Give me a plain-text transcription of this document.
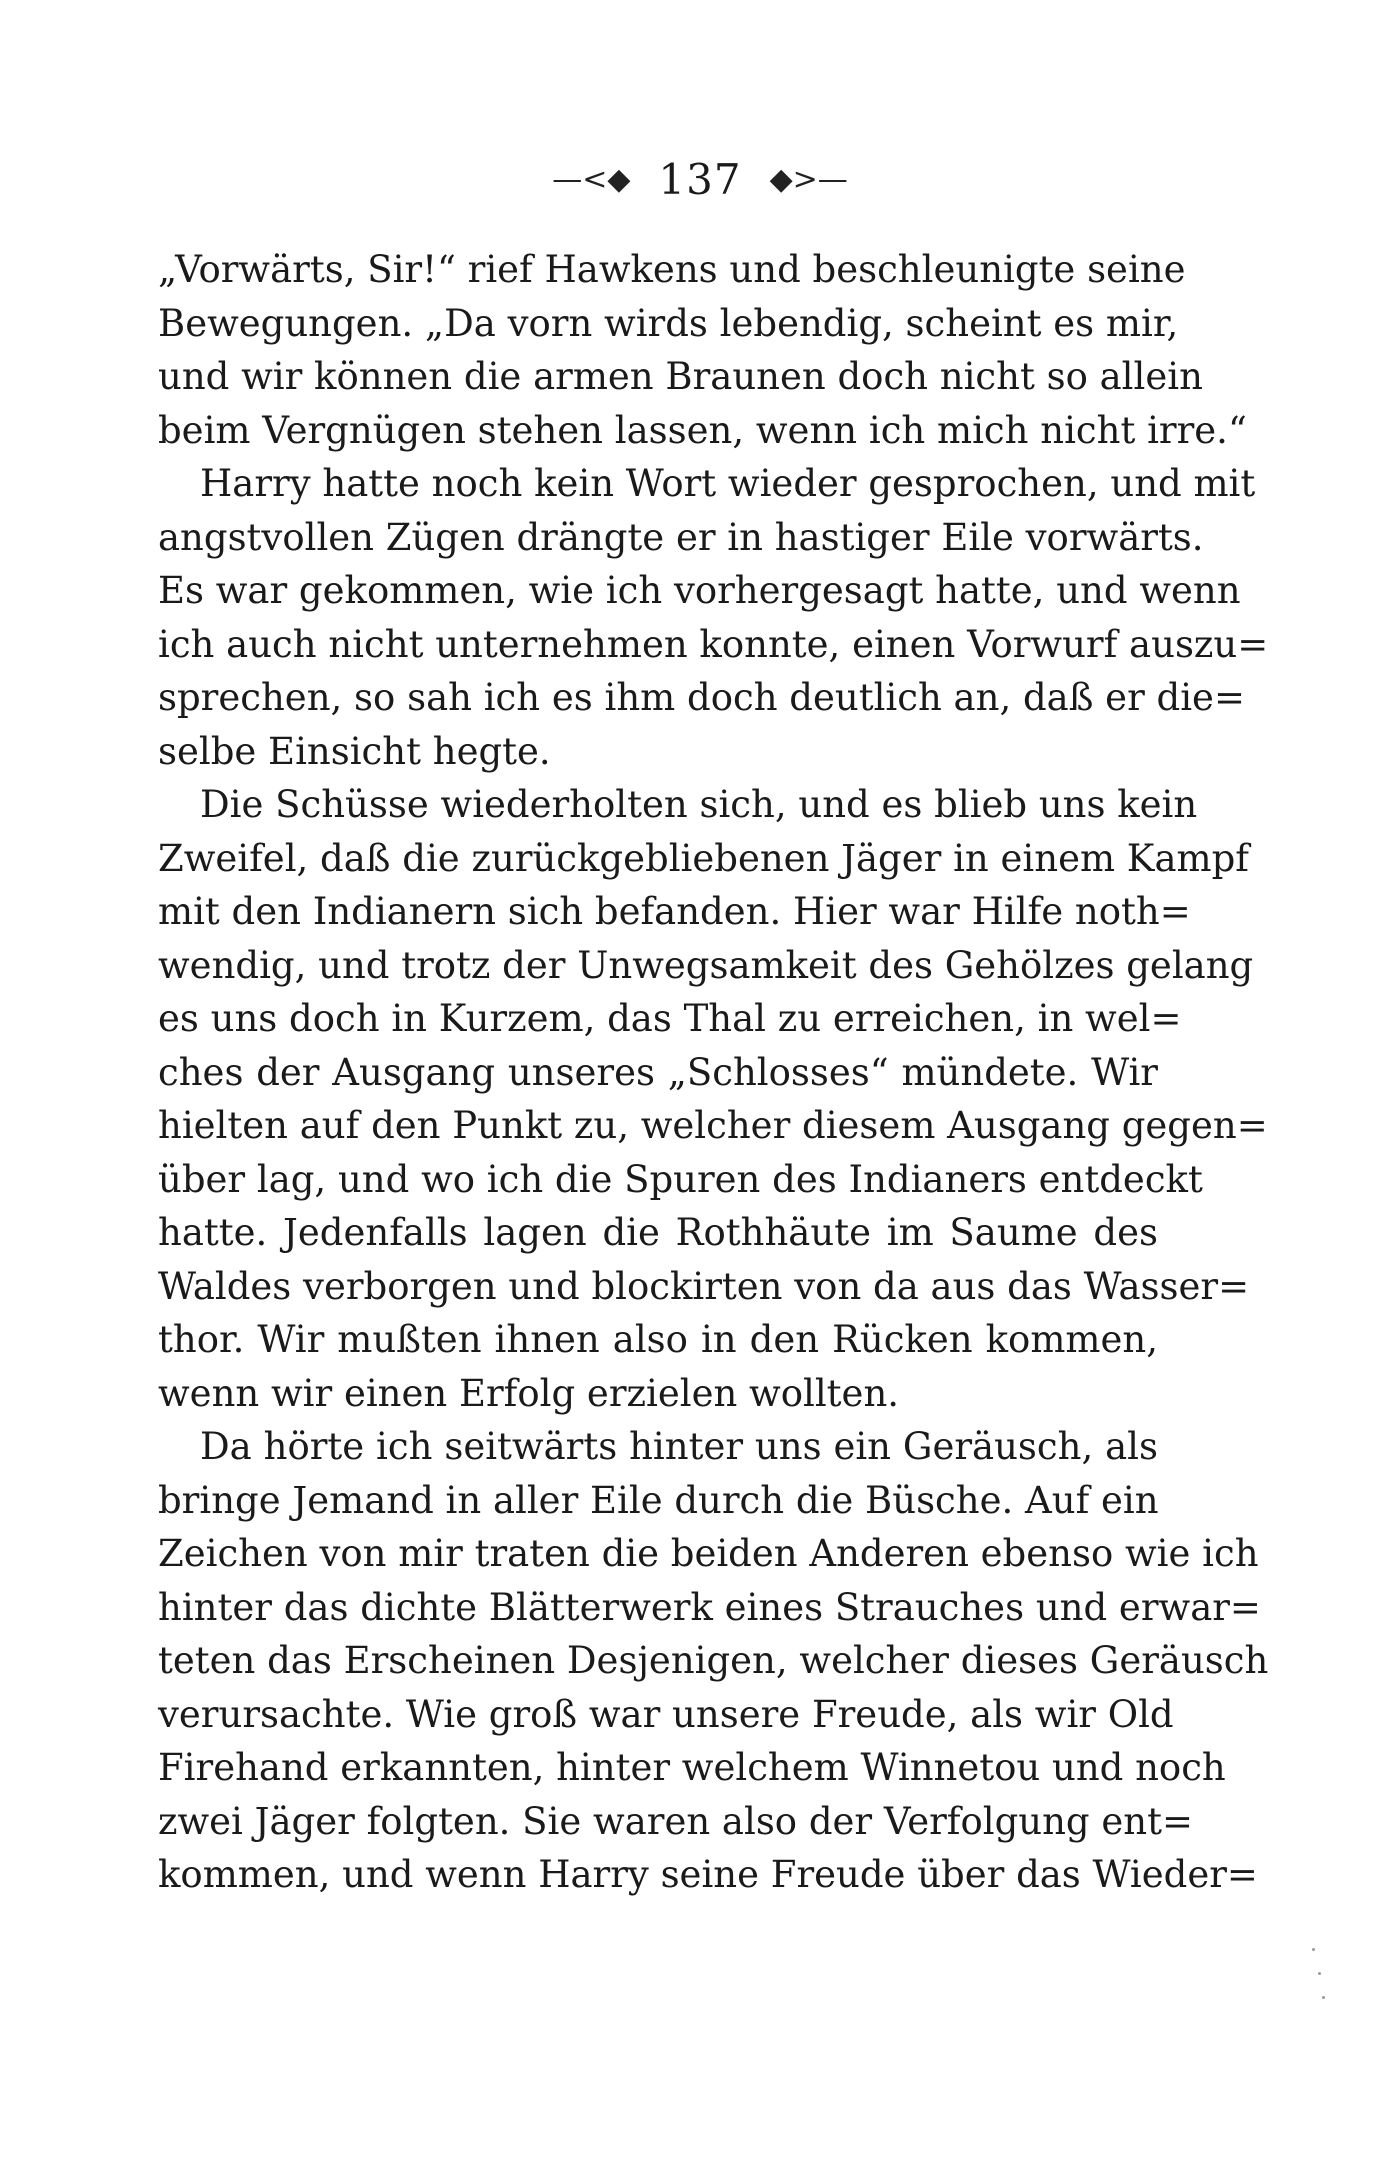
—<◆ 137 ◆>—
„Vorwärts, Sir!“ rief Hawkens und beschleunigte seine
Bewegungen. „Da vorn wirds lebendig, scheint es mir,
und wir können die armen Braunen doch nicht so allein
beim Vergnügen stehen lassen, wenn ich mich nicht irre.“
Harry hatte noch kein Wort wieder gesprochen, und mit
angstvollen Zügen drängte er in hastiger Eile vorwärts.
Es war gekommen, wie ich vorhergesagt hatte, und wenn
ich auch nicht unternehmen konnte, einen Vorwurf auszu=
sprechen, so sah ich es ihm doch deutlich an, daß er die=
selbe Einsicht hegte.
Die Schüsse wiederholten sich, und es blieb uns kein
Zweifel, daß die zurückgebliebenen Jäger in einem Kampf
mit den Indianern sich befanden. Hier war Hilfe noth=
wendig, und trotz der Unwegsamkeit des Gehölzes gelang
es uns doch in Kurzem, das Thal zu erreichen, in wel=
ches der Ausgang unseres „Schlosses“ mündete. Wir
hielten auf den Punkt zu, welcher diesem Ausgang gegen=
über lag, und wo ich die Spuren des Indianers entdeckt
hatte. Jedenfalls lagen die Rothhäute im Saume des
Waldes verborgen und blockirten von da aus das Wasser=
thor. Wir mußten ihnen also in den Rücken kommen,
wenn wir einen Erfolg erzielen wollten.
Da hörte ich seitwärts hinter uns ein Geräusch, als
bringe Jemand in aller Eile durch die Büsche. Auf ein
Zeichen von mir traten die beiden Anderen ebenso wie ich
hinter das dichte Blätterwerk eines Strauches und erwar=
teten das Erscheinen Desjenigen, welcher dieses Geräusch
verursachte. Wie groß war unsere Freude, als wir Old
Firehand erkannten, hinter welchem Winnetou und noch
zwei Jäger folgten. Sie waren also der Verfolgung ent=
kommen, und wenn Harry seine Freude über das Wieder=
